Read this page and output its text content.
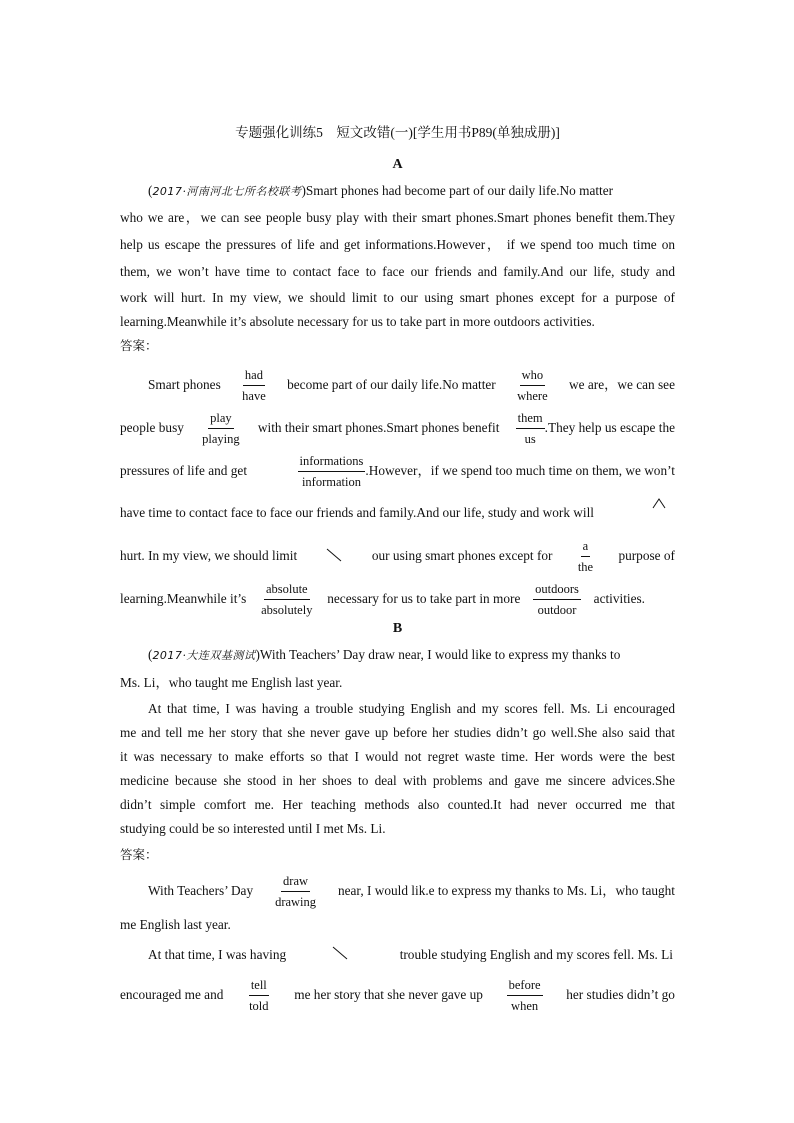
专题强化训练5　短文改错(一)[学生用书P89(单独成册)]
A
(2017·河南河北七所名校联考)Smart phones had become part of our daily life.No matter
who we are，we can see people busy play with their smart phones.Smart phones benefit them.They
help us escape the pressures of life and get informations.However， if we spend too much time on
them, we won’t have time to contact face to face our friends and family.And our life, study and
work will hurt. In my view, we should limit to our using smart phones except for a purpose of
learning.Meanwhile it’s absolute necessary for us to take part in more outdoors activities.
答案：
Smart phones $\frac{\text{had}}{\text{have}}$ become part of our daily life.No matter $\frac{\text{who}}{\text{where}}$ we are，we can see
people busy $\frac{\text{play}}{\text{playing}}$ with their smart phones.Smart phones benefit $\frac{\text{them}}{us}$ .They help us escape the
pressures of life and get	$\frac{\text{informations}}{\text{information}}$ .However，if we spend too much time on them, we won’t
have time to contact face to face our friends and family.And our life, study and work will
hurt. In my view, we should limit	our using smart phones except for $\frac{a}{\text{the}}$ purpose of
learning.Meanwhile it’s $\frac{\text{absolute}}{\text{absolutely}}$ necessary for us to take part in more $\frac{\text{outdoors}}{\text{outdoor}}$ activities.
B
(2017·大连双基测试)With Teachers’ Day draw near, I would like to express my thanks to
Ms. Li，who taught me English last year.
At that time, I was having a trouble studying English and my scores fell. Ms. Li encouraged
me and tell me her story that she never gave up before her studies didn’t go well.She also said that
it was necessary to make efforts so that I would not regret waste time. Her words were the best
medicine because she stood in her shoes to deal with problems and gave me sincere advices.She
didn’t simple comfort me. Her teaching methods also counted.It had never occurred me that
studying could be so interested until I met Ms. Li.
答案：
With Teachers’ Day $\frac{\text{draw}}{\text{drawing}}$ near, I would lik.e to express my thanks to Ms. Li，who taught
me English last year.
At that time, I was having	trouble studying English and my scores fell. Ms. Li
encouraged me and $\frac{\text{tell}}{\text{told}}$ me her story that she never gave up $\frac{\text{before}}{\text{when}}$ her studies didn’t go
